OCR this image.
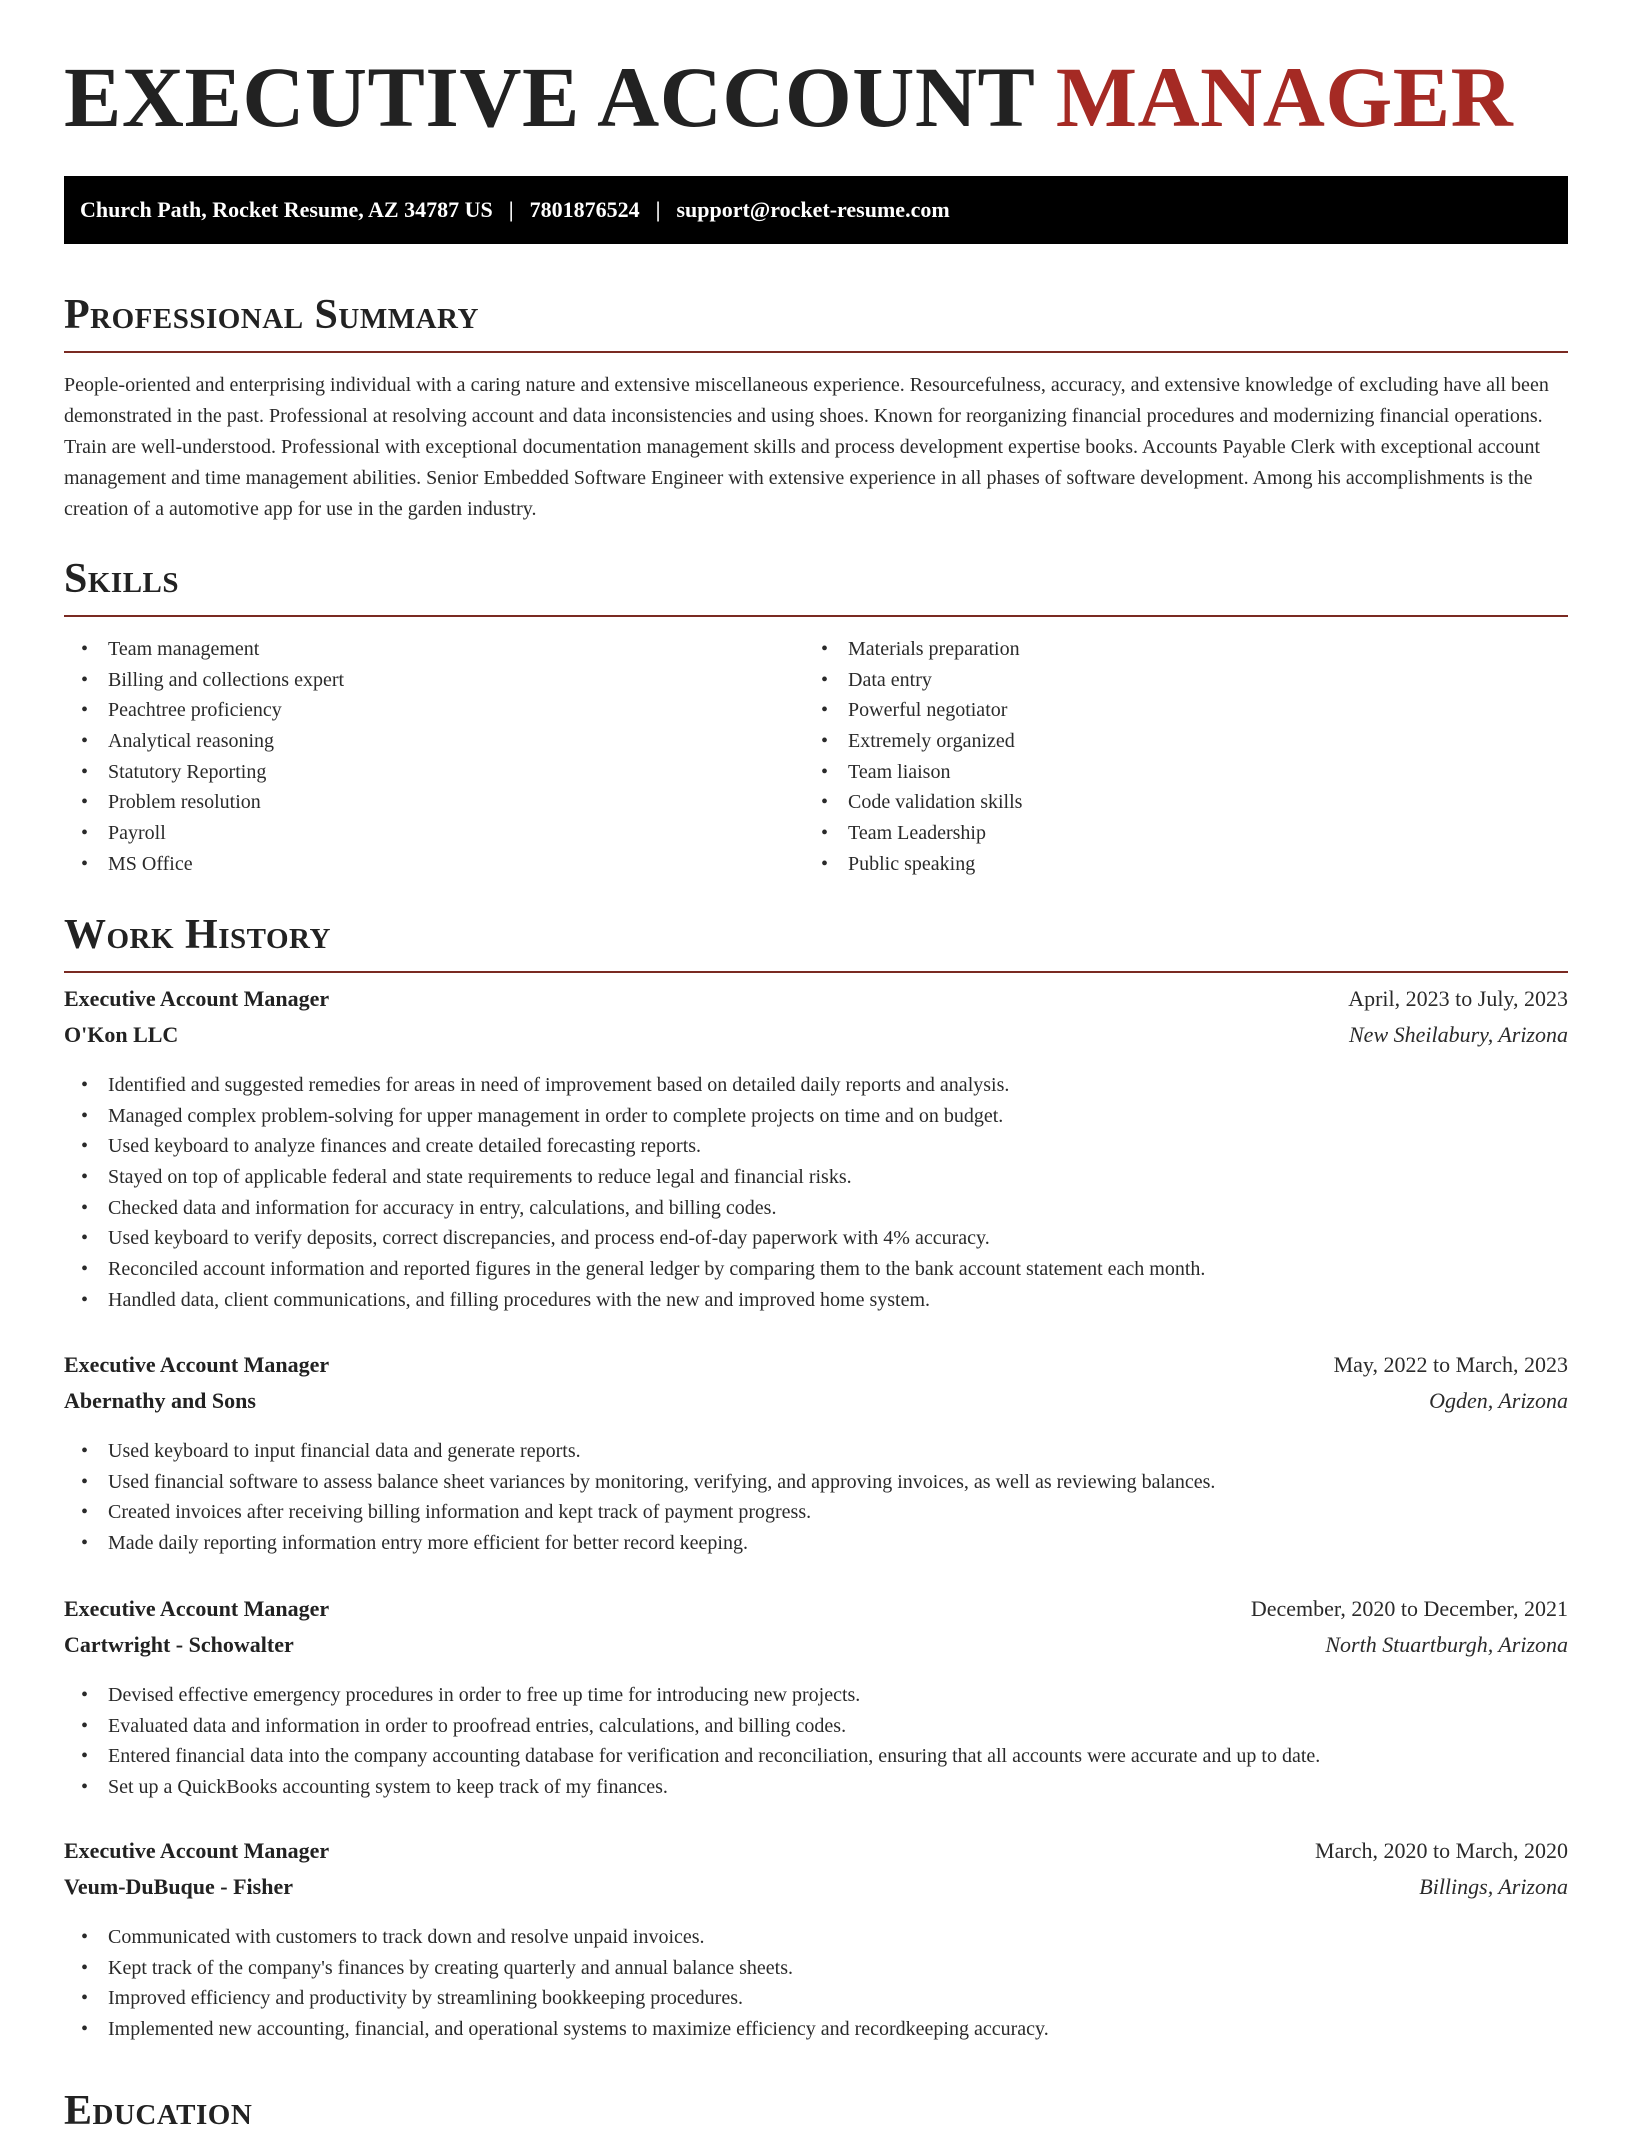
EXECUTIVE ACCOUNT MANAGER
Church Path, Rocket Resume, AZ 34787 US | 7801876524 | support@rocket-resume.com
Professional Summary

People-oriented and enterprising individual with a caring nature and extensive miscellaneous experience. Resourcefulness, accuracy, and extensive knowledge of excluding have all been demonstrated in the past. Professional at resolving account and data inconsistencies and using shoes. Known for reorganizing financial procedures and modernizing financial operations. Train are well-understood. Professional with exceptional documentation management skills and process development expertise books. Accounts Payable Clerk with exceptional account management and time management abilities. Senior Embedded Software Engineer with extensive experience in all phases of software development. Among his accomplishments is the creation of a automotive app for use in the garden industry.

Skills
• Team management
• Billing and collections expert
• Peachtree proficiency
• Analytical reasoning
• Statutory Reporting
• Problem resolution
• Payroll
• MS Office
• Materials preparation
• Data entry
• Powerful negotiator
• Extremely organized
• Team liaison
• Code validation skills
• Team Leadership
• Public speaking
Work History
Executive Account Manager	April, 2023 to July, 2023
O'Kon LLC	New Sheilabury, Arizona
• Identified and suggested remedies for areas in need of improvement based on detailed daily reports and analysis.
• Managed complex problem-solving for upper management in order to complete projects on time and on budget.
• Used keyboard to analyze finances and create detailed forecasting reports.
• Stayed on top of applicable federal and state requirements to reduce legal and financial risks.
• Checked data and information for accuracy in entry, calculations, and billing codes.
• Used keyboard to verify deposits, correct discrepancies, and process end-of-day paperwork with 4% accuracy.
• Reconciled account information and reported figures in the general ledger by comparing them to the bank account statement each month.
• Handled data, client communications, and filling procedures with the new and improved home system.
Executive Account Manager	May, 2022 to March, 2023
Abernathy and Sons	Ogden, Arizona
• Used keyboard to input financial data and generate reports.
• Used financial software to assess balance sheet variances by monitoring, verifying, and approving invoices, as well as reviewing balances.
• Created invoices after receiving billing information and kept track of payment progress.
• Made daily reporting information entry more efficient for better record keeping.
Executive Account Manager	December, 2020 to December, 2021
Cartwright - Schowalter	North Stuartburgh, Arizona
• Devised effective emergency procedures in order to free up time for introducing new projects.
• Evaluated data and information in order to proofread entries, calculations, and billing codes.
• Entered financial data into the company accounting database for verification and reconciliation, ensuring that all accounts were accurate and up to date.
• Set up a QuickBooks accounting system to keep track of my finances.
Executive Account Manager	March, 2020 to March, 2020
Veum-DuBuque - Fisher	Billings, Arizona
• Communicated with customers to track down and resolve unpaid invoices.
• Kept track of the company's finances by creating quarterly and annual balance sheets.
• Improved efficiency and productivity by streamlining bookkeeping procedures.
• Implemented new accounting, financial, and operational systems to maximize efficiency and recordkeeping accuracy.
Education
